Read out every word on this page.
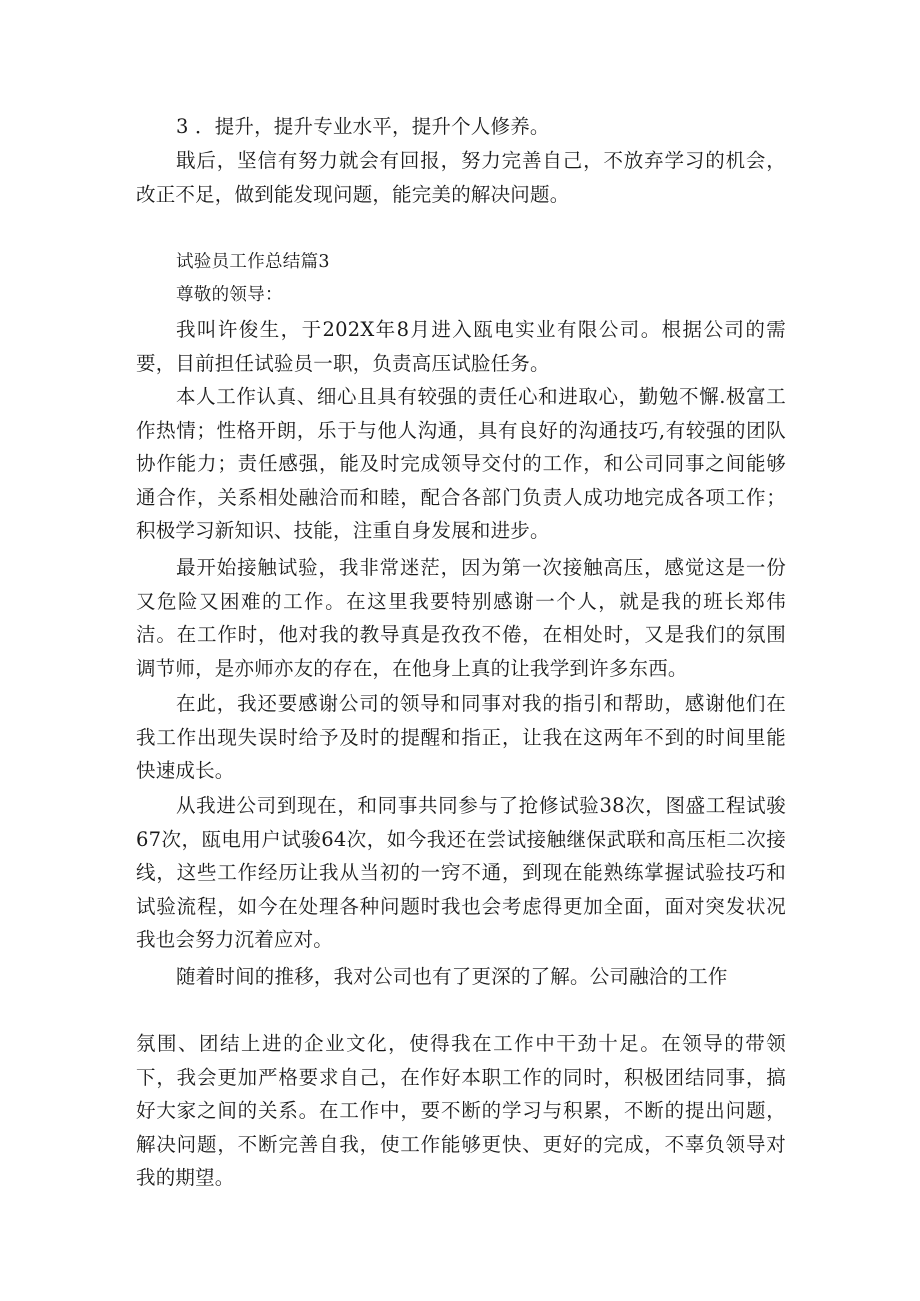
3 ．提升，提升专业水平，提升个人修养。

戢后，坚信有努力就会有回报，努力完善自己，不放弃学习的机会，改正不足，做到能发现问题，能完美的解决问题。

试验员工作总结篇3

尊敬的领导：

我叫许俊生，于202X年8月进入瓯电实业有限公司。根据公司的需要，目前担任试验员一职，负责高压试脸任务。

本人工作认真、细心且具有较强的责任心和进取心，勤勉不懈.极富工作热情；性格开朗，乐于与他人沟通，具有良好的沟通技巧,有较强的团队协作能力；责任感强，能及时完成领导交付的工作，和公司同事之间能够通合作，关系相处融洽而和睦，配合各部门负责人成功地完成各项工作；积极学习新知识、技能，注重自身发展和进步。

最开始接触试验，我非常迷茫，因为第一次接触高压，感觉这是一份又危险又困难的工作。在这里我要特别感谢一个人，就是我的班长郑伟洁。在工作时，他对我的教导真是孜孜不倦，在相处时，又是我们的氛围调节师，是亦师亦友的存在，在他身上真的让我学到许多东西。

在此，我还要感谢公司的领导和同事对我的指引和帮助，感谢他们在我工作出现失误时给予及时的提醒和指正，让我在这两年不到的时间里能快速成长。

从我进公司到现在，和同事共同参与了抢修试验38次，图盛工程试骏67次，瓯电用户试骏64次，如今我还在尝试接触继保武联和高压柜二次接线，这些工作经历让我从当初的一窍不通，到现在能熟练掌握试验技巧和试验流程，如今在处理各种问题时我也会考虑得更加全面，面对突发状况我也会努力沉着应对。

随着时间的推移，我对公司也有了更深的了解。公司融洽的工作

氛围、团结上进的企业文化，使得我在工作中干劲十足。在领导的带领下，我会更加严格要求自己，在作好本职工作的同时，积极团结同事，搞好大家之间的关系。在工作中，要不断的学习与积累，不断的提出问题，解决问题，不断完善自我，使工作能够更快、更好的完成，不辜负领导对我的期望。
